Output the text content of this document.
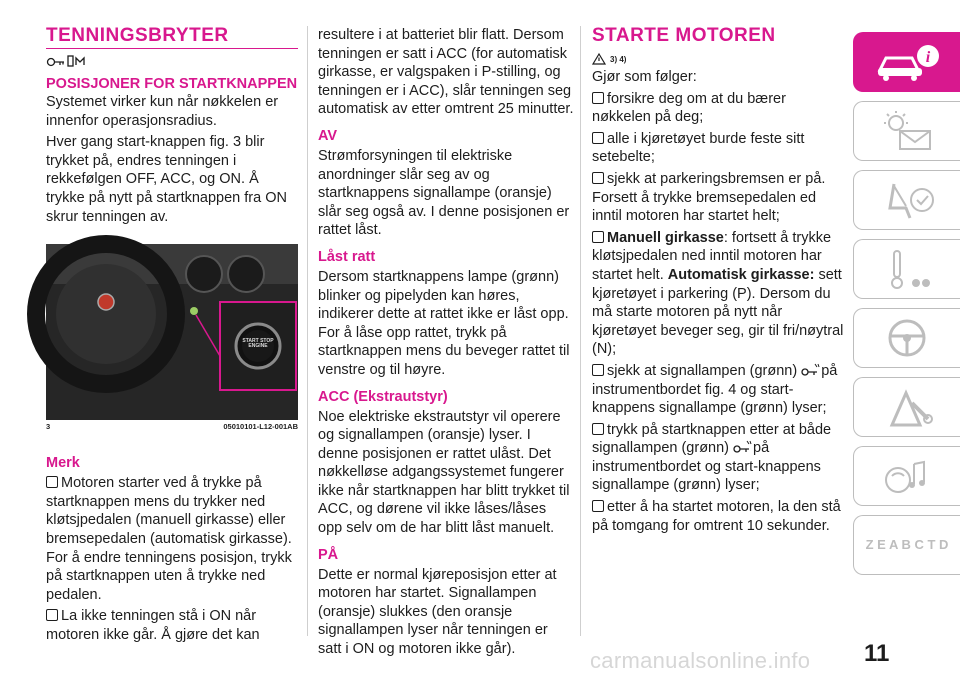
TENNINGSBRYTER
POSISJONER FOR STARTKNAPPEN
Systemet virker kun når nøkkelen er innenfor operasjonsradius.
Hver gang start-knappen fig. 3 blir trykket på, endres tenningen i rekkefølgen OFF, ACC, og ON. Å trykke på nytt på startknappen fra ON skrur tenningen av.
START STOP ENGINE
3	05010101-L12-001AB
Merk
Motoren starter ved å trykke på startknappen mens du trykker ned kløtsjpedalen (manuell girkasse) eller bremsepedalen (automatisk girkasse). For å endre tenningens posisjon, trykk på startknappen uten å trykke ned pedalen.
La ikke tenningen stå i ON når motoren ikke går. Å gjøre det kan
resultere i at batteriet blir flatt. Dersom tenningen er satt i ACC (for automatisk girkasse, er valgspaken i P-stilling, og tenningen er i ACC), slår tenningen seg automatisk av etter omtrent 25 minutter.
AV
Strømforsyningen til elektriske anordninger slår seg av og startknappens signallampe (oransje) slår seg også av. I denne posisjonen er rattet låst.
Låst ratt
Dersom startknappens lampe (grønn) blinker og pipelyden kan høres, indikerer dette at rattet ikke er låst opp. For å låse opp rattet, trykk på startknappen mens du beveger rattet til venstre og til høyre.
ACC (Ekstrautstyr)
Noe elektriske ekstrautstyr vil operere og signallampen (oransje) lyser. I denne posisjonen er rattet ulåst. Det nøkkelløse adgangssystemet fungerer ikke når startknappen har blitt trykket til ACC, og dørene vil ikke låses/låses opp selv om de har blitt låst manuelt.
PÅ
Dette er normal kjøreposisjon etter at motoren har startet. Signallampen (oransje) slukkes (den oransje signallampen lyser når tenningen er satt i ON og motoren ikke går).
STARTE MOTOREN
3) 4)
Gjør som følger:
forsikre deg om at du bærer nøkkelen på deg;
alle i kjøretøyet burde feste sitt setebelte;
sjekk at parkeringsbremsen er på. Forsett å trykke bremsepedalen ed inntil motoren har startet helt;
Manuell girkasse: fortsett å trykke kløtsjpedalen ned inntil motoren har startet helt. Automatisk girkasse: sett kjøretøyet i parkering (P). Dersom du må starte motoren på nytt når kjøretøyet beveger seg, gir til fri/nøytral (N);
sjekk at signallampen (grønn) på instrumentbordet fig. 4 og start-knappens signallampe (grønn) lyser;
trykk på startknappen etter at både signallampen (grønn) på instrumentbordet og start-knappens signallampe (grønn) lyser;
etter å ha startet motoren, la den stå på tomgang for omtrent 10 sekunder.
i
Z E A B C T D
carmanualsonline.info 11
